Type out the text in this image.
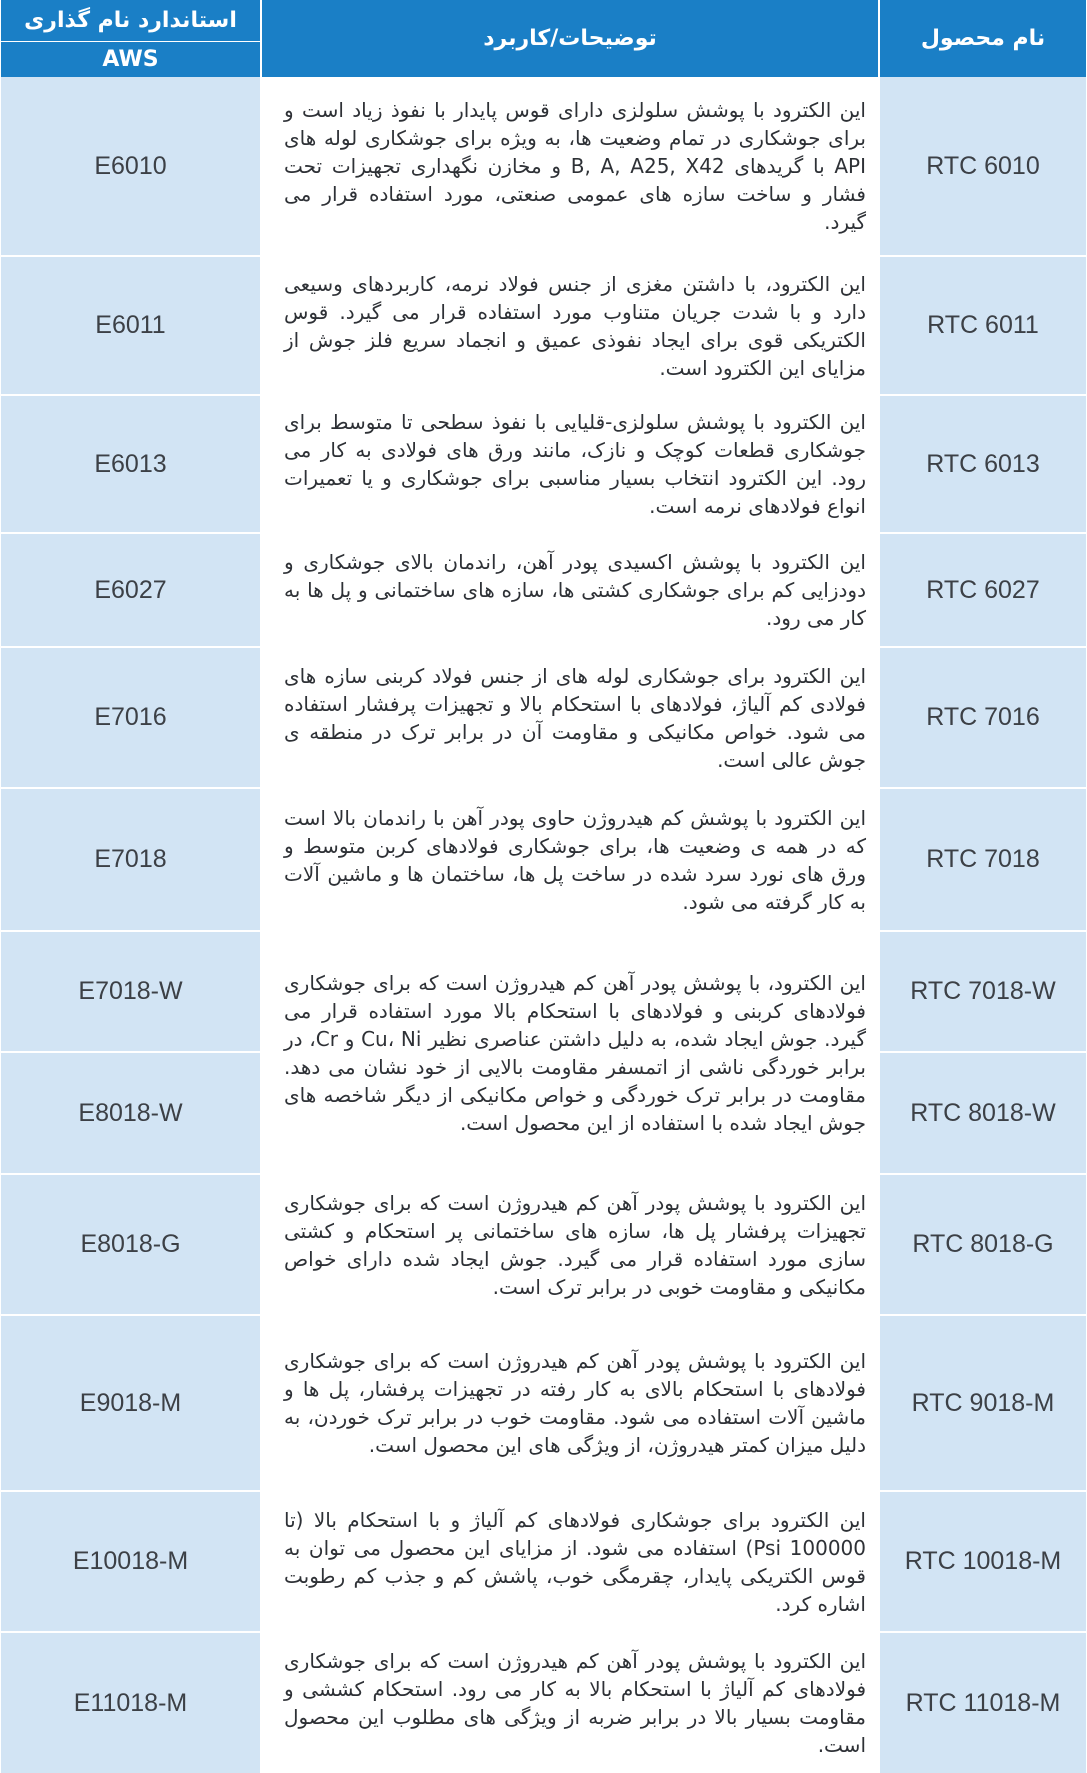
نام محصول	توضیحات/کاربرد	استاندارد نام گذاری
AWS

RTC 6010	این الکترود با پوشش سلولزی دارای قوس پایدار با نفوذ زیاد است و برای جوشکاری در تمام وضعیت ها، به ویژه برای جوشکاری لوله های API با گریدهای B, A, A25, X42 و مخازن نگهداری تجهیزات تحت فشار و ساخت سازه های عمومی صنعتی، مورد استفاده قرار می گیرد.	E6010
RTC 6011	این الکترود، با داشتن مغزی از جنس فولاد نرمه، کاربردهای وسیعی دارد و با شدت جریان متناوب مورد استفاده قرار می گیرد. قوس الکتریکی قوی برای ایجاد نفوذی عمیق و انجماد سریع فلز جوش از مزایای این الکترود است.	E6011
RTC 6013	این الکترود با پوشش سلولزی-قلیایی با نفوذ سطحی تا متوسط برای جوشکاری قطعات کوچک و نازک، مانند ورق های فولادی به کار می رود. این الکترود انتخاب بسیار مناسبی برای جوشکاری و یا تعمیرات انواع فولادهای نرمه است.	E6013
RTC 6027	این الکترود با پوشش اکسیدی پودر آهن، راندمان بالای جوشکاری و دودزایی کم برای جوشکاری کشتی ها، سازه های ساختمانی و پل ها به کار می رود.	E6027
RTC 7016	این الکترود برای جوشکاری لوله های از جنس فولاد کربنی سازه های فولادی کم آلیاژ، فولادهای با استحکام بالا و تجهیزات پرفشار استفاده می شود. خواص مکانیکی و مقاومت آن در برابر ترک در منطقه ی جوش عالی است.	E7016
RTC 7018	این الکترود با پوشش کم هیدروژن حاوی پودر آهن با راندمان بالا است که در همه ی وضعیت ها، برای جوشکاری فولادهای کربن متوسط و ورق های نورد سرد شده در ساخت پل ها، ساختمان ها و ماشین آلات به کار گرفته می شود.	E7018
RTC 7018-W	این الکترود، با پوشش پودر آهن کم هیدروژن است که برای جوشکاری فولادهای کربنی و فولادهای با استحکام بالا مورد استفاده قرار می گیرد. جوش ایجاد شده، به دلیل داشتن عناصری نظیر Cu، Ni و Cr، در برابر خوردگی ناشی از اتمسفر مقاومت بالایی از خود نشان می دهد. مقاومت در برابر ترک خوردگی و خواص مکانیکی از دیگر شاخصه های جوش ایجاد شده با استفاده از این محصول است.	E7018-W
RTC 8018-W		E8018-W
RTC 8018-G	این الکترود با پوشش پودر آهن کم هیدروژن است که برای جوشکاری تجهیزات پرفشار پل ها، سازه های ساختمانی پر استحکام و کشتی سازی مورد استفاده قرار می گیرد. جوش ایجاد شده دارای خواص مکانیکی و مقاومت خوبی در برابر ترک است.	E8018-G
RTC 9018-M	این الکترود با پوشش پودر آهن کم هیدروژن است که برای جوشکاری فولادهای با استحکام بالای به کار رفته در تجهیزات پرفشار، پل ها و ماشین آلات استفاده می شود. مقاومت خوب در برابر ترک خوردن، به دلیل میزان کمتر هیدروژن، از ویژگی های این محصول است.	E9018-M
RTC 10018-M	این الکترود برای جوشکاری فولادهای کم آلیاژ و با استحکام بالا (تا 100000 Psi) استفاده می شود. از مزایای این محصول می توان به قوس الکتریکی پایدار، چقرمگی خوب، پاشش کم و جذب کم رطوبت اشاره کرد.	E10018-M
RTC 11018-M	این الکترود با پوشش پودر آهن کم هیدروژن است که برای جوشکاری فولادهای کم آلیاژ با استحکام بالا به کار می رود. استحکام کششی و مقاومت بسیار بالا در برابر ضربه از ویژگی های مطلوب این محصول است.	E11018-M
